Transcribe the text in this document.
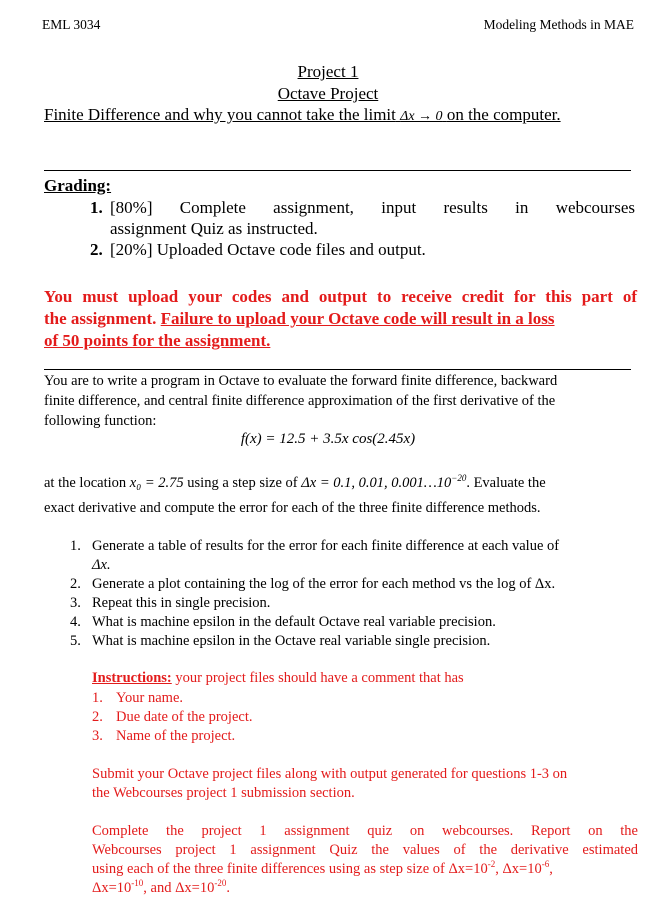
EML 3034	Modeling Methods in MAE
Project 1
Octave Project
Finite Difference and why you cannot take the limit Δx → 0 on the computer.
Grading:
1. [80%] Complete assignment, input results in webcourses
assignment Quiz as instructed.
2. [20%] Uploaded Octave code files and output.
You must upload your codes and output to receive credit for this part of
the assignment. Failure to upload your Octave code will result in a loss
of 50 points for the assignment.
You are to write a program in Octave to evaluate the forward finite difference, backward
finite difference, and central finite difference approximation of the first derivative of the
following function:
f(x) = 12.5 + 3.5x cos(2.45x)
at the location x₀ = 2.75 using a step size of Δx = 0.1, 0.01, $0.001\dots 10^{-20}$. Evaluate the
exact derivative and compute the error for each of the three finite difference methods.
1. Generate a table of results for the error for each finite difference at each value of
Δx.
2. Generate a plot containing the log of the error for each method vs the log of Δx.
3. Repeat this in single precision.
4. What is machine epsilon in the default Octave real variable precision.
5. What is machine epsilon in the Octave real variable single precision.
Instructions: your project files should have a comment that has
1. Your name.
2. Due date of the project.
3. Name of the project.
Submit your Octave project files along with output generated for questions 1-3 on
the Webcourses project 1 submission section.
Complete the project 1 assignment quiz on webcourses. Report on the
Webcourses project 1 assignment Quiz the values of the derivative estimated
using each of the three finite differences using as step size of $\Delta x=10^{-2}$, $\Delta x=10^{-6}$,
$\Delta x=10^{-10}$, and $\Delta x=10^{-20}$.
